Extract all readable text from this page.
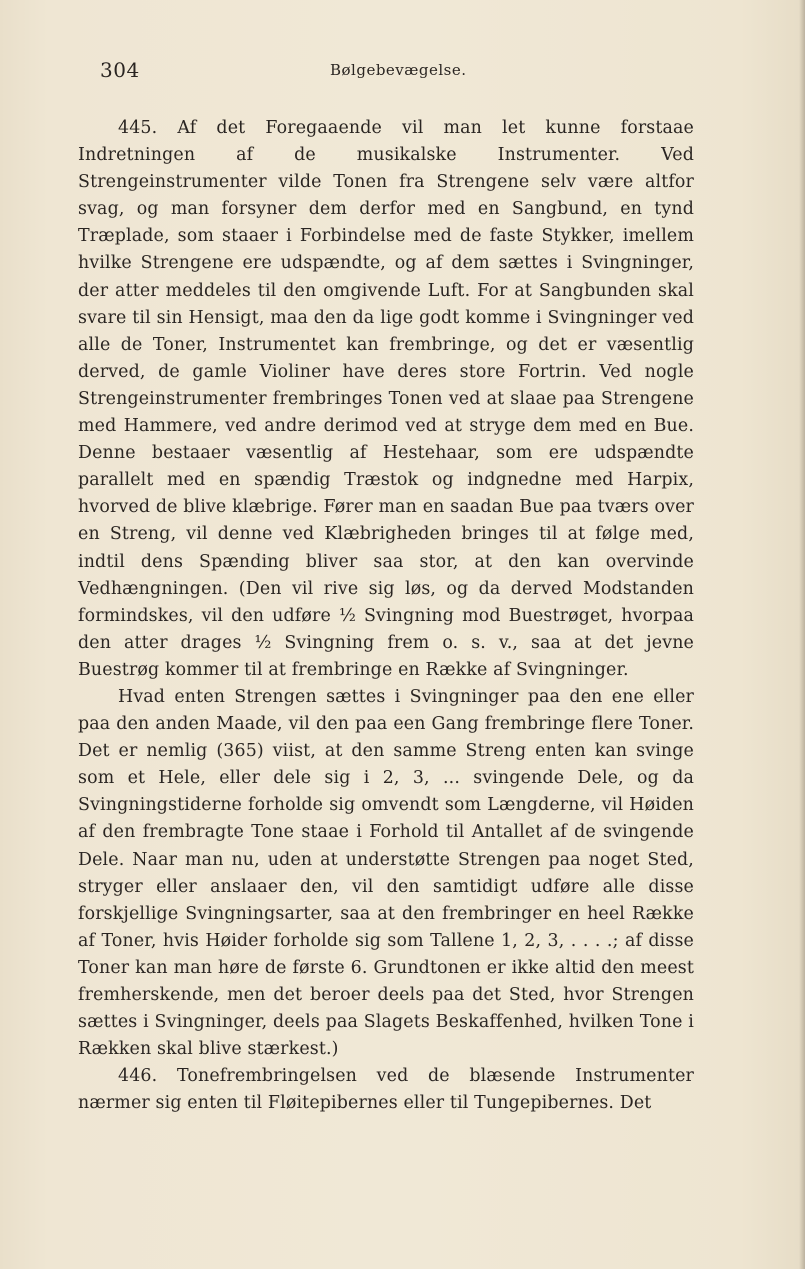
304	Bølgebevægelse.

445. Af det Foregaaende vil man let kunne forstaae Indretningen af de musikalske Instrumenter. Ved Strengeinstrumenter vilde Tonen fra Strengene selv være altfor svag, og man forsyner dem derfor med en Sangbund, en tynd Træplade, som staaer i Forbindelse med de faste Stykker, imellem hvilke Strengene ere udspændte, og af dem sættes i Svingninger, der atter meddeles til den omgivende Luft. For at Sangbunden skal svare til sin Hensigt, maa den da lige godt komme i Svingninger ved alle de Toner, Instrumentet kan frembringe, og det er væsentlig derved, de gamle Violiner have deres store Fortrin. Ved nogle Strengeinstrumenter frembringes Tonen ved at slaae paa Strengene med Hammere, ved andre derimod ved at stryge dem med en Bue. Denne bestaaer væsentlig af Hestehaar, som ere udspændte parallelt med en spændig Træstok og indgnedne med Harpix, hvorved de blive klæbrige. Fører man en saadan Bue paa tværs over en Streng, vil denne ved Klæbrigheden bringes til at følge med, indtil dens Spænding bliver saa stor, at den kan overvinde Vedhængningen. (Den vil rive sig løs, og da derved Modstanden formindskes, vil den udføre ½ Svingning mod Buestrøget, hvorpaa den atter drages ½ Svingning frem o. s. v., saa at det jevne Buestrøg kommer til at frembringe en Række af Svingninger.

Hvad enten Strengen sættes i Svingninger paa den ene eller paa den anden Maade, vil den paa een Gang frembringe flere Toner. Det er nemlig (365) viist, at den samme Streng enten kan svinge som et Hele, eller dele sig i 2, 3, ... svingende Dele, og da Svingningstiderne forholde sig omvendt som Længderne, vil Høiden af den frembragte Tone staae i Forhold til Antallet af de svingende Dele. Naar man nu, uden at understøtte Strengen paa noget Sted, stryger eller anslaaer den, vil den samtidigt udføre alle disse forskjellige Svingningsarter, saa at den frembringer en heel Række af Toner, hvis Høider forholde sig som Tallene 1, 2, 3, . . . .; af disse Toner kan man høre de første 6. Grundtonen er ikke altid den meest fremherskende, men det beroer deels paa det Sted, hvor Strengen sættes i Svingninger, deels paa Slagets Beskaffenhed, hvilken Tone i Rækken skal blive stærkest.)

446. Tonefrembringelsen ved de blæsende Instrumenter nærmer sig enten til Fløitepibernes eller til Tungepibernes. Det
